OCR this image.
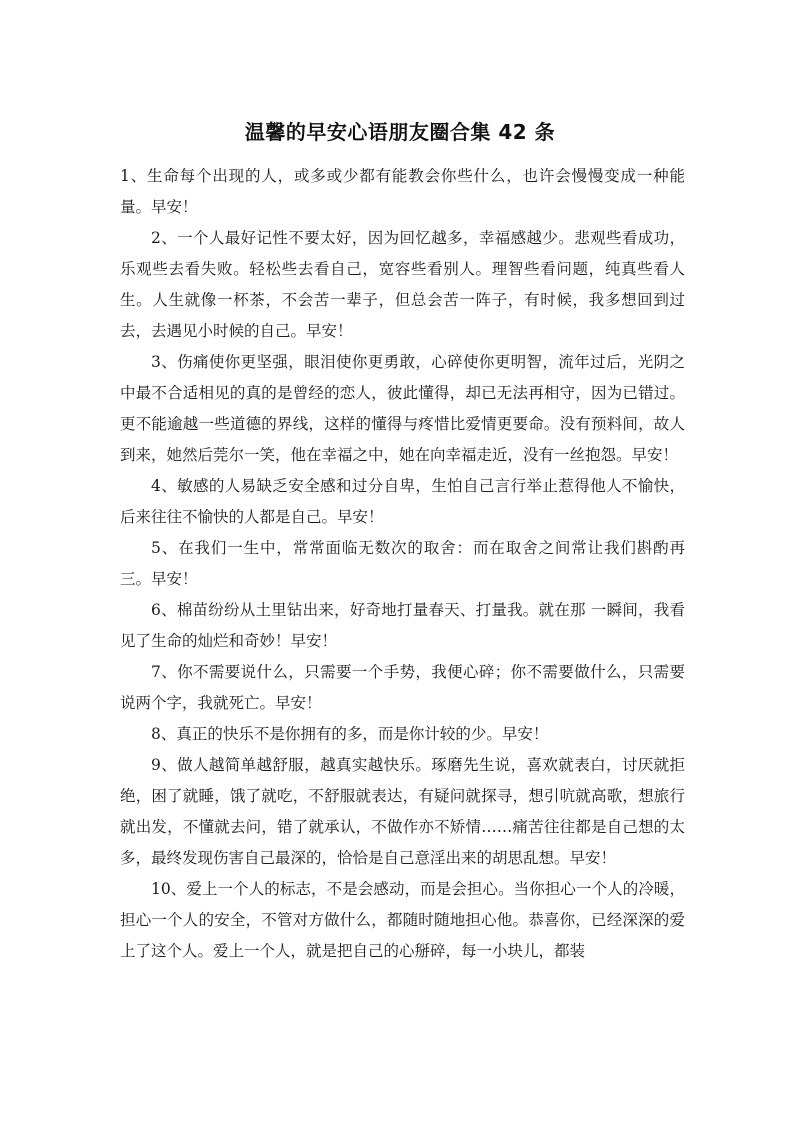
温馨的早安心语朋友圈合集 42 条

1、生命每个出现的人，或多或少都有能教会你些什么，也许会慢慢变成一种能量。早安！

2、一个人最好记性不要太好，因为回忆越多，幸福感越少。悲观些看成功，乐观些去看失败。轻松些去看自己，宽容些看别人。理智些看问题，纯真些看人生。人生就像一杯茶，不会苦一辈子，但总会苦一阵子，有时候，我多想回到过去，去遇见小时候的自己。早安！

3、伤痛使你更坚强，眼泪使你更勇敢，心碎使你更明智，流年过后，光阴之中最不合适相见的真的是曾经的恋人，彼此懂得，却已无法再相守，因为已错过。更不能逾越一些道德的界线，这样的懂得与疼惜比爱情更要命。没有预料间，故人到来，她然后莞尔一笑，他在幸福之中，她在向幸福走近，没有一丝抱怨。早安！

4、敏感的人易缺乏安全感和过分自卑，生怕自己言行举止惹得他人不愉快，后来往往不愉快的人都是自己。早安！

5、在我们一生中，常常面临无数次的取舍：而在取舍之间常让我们斟酌再三。早安！

6、棉苗纷纷从土里钻出来，好奇地打量春天、打量我。就在那 一瞬间，我看见了生命的灿烂和奇妙！早安！

7、你不需要说什么，只需要一个手势，我便心碎；你不需要做什么，只需要说两个字，我就死亡。早安！

8、真正的快乐不是你拥有的多，而是你计较的少。早安！

9、做人越简单越舒服，越真实越快乐。琢磨先生说，喜欢就表白，讨厌就拒绝，困了就睡，饿了就吃，不舒服就表达，有疑问就探寻，想引吭就高歌，想旅行就出发，不懂就去问，错了就承认，不做作亦不矫情……痛苦往往都是自己想的太多，最终发现伤害自己最深的，恰恰是自己意淫出来的胡思乱想。早安！

10、爱上一个人的标志，不是会感动，而是会担心。当你担心一个人的冷暖，担心一个人的安全，不管对方做什么，都随时随地担心他。恭喜你，已经深深的爱上了这个人。爱上一个人，就是把自己的心掰碎，每一小块儿，都装
